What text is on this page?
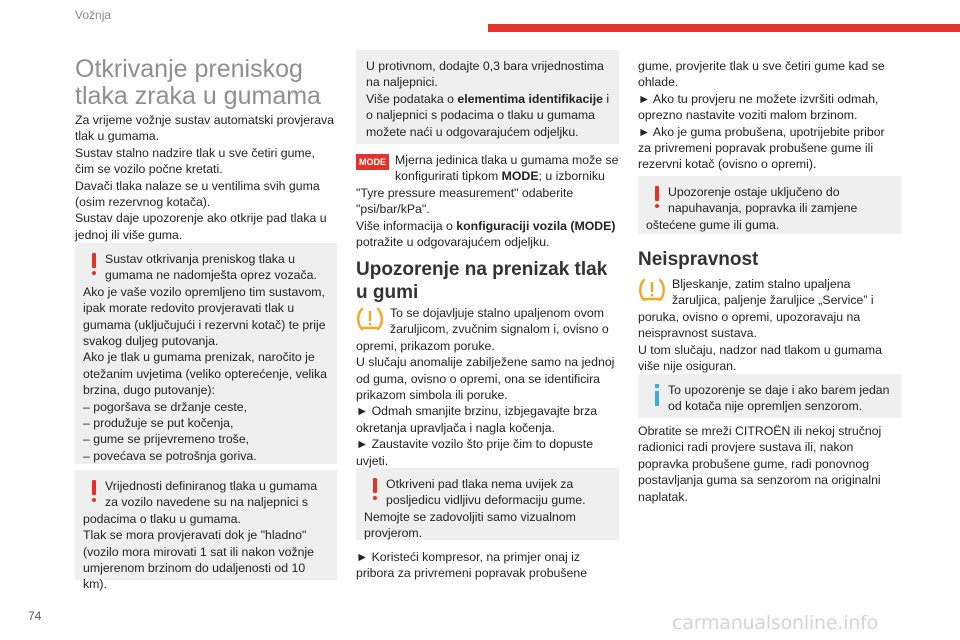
Vožnja
Otkrivanje preniskog tlaka zraka u gumama

Za vrijeme vožnje sustav automatski provjerava tlak u gumama.

Sustav stalno nadzire tlak u sve četiri gume, čim se vozilo počne kretati.

Davači tlaka nalaze se u ventilima svih guma (osim rezervnog kotača).

Sustav daje upozorenje ako otkrije pad tlaka u jednoj ili više guma.

Sustav otkrivanja preniskog tlaka u gumama ne nadomješta oprez vozača.

Ako je vaše vozilo opremljeno tim sustavom, ipak morate redovito provjeravati tlak u gumama (uključujući i rezervni kotač) te prije svakog duljeg putovanja.

Ako je tlak u gumama prenizak, naročito je otežanim uvjetima (veliko opterećenje, velika brzina, dugo putovanje):

– pogoršava se držanje ceste,

– produžuje se put kočenja,

– gume se prijevremeno troše,

– povećava se potrošnja goriva.

Vrijednosti definiranog tlaka u gumama za vozilo navedene su na naljepnici s podacima o tlaku u gumama.

Tlak se mora provjeravati dok je "hladno" (vozilo mora mirovati 1 sat ili nakon vožnje umjerenom brzinom do udaljenosti od 10 km).

U protivnom, dodajte 0,3 bara vrijednostima na naljepnici.

Više podataka o elementima identifikacije i o naljepnici s podacima o tlaku u gumama možete naći u odgovarajućem odjeljku.

MODE Mjerna jedinica tlaka u gumama može se konfigurirati tipkom MODE; u izborniku "Tyre pressure measurement" odaberite "psi/bar/kPa".

Više informacija o konfiguraciji vozila (MODE) potražite u odgovarajućem odjeljku.

Upozorenje na prenizak tlak u gumi

To se dojavljuje stalno upaljenom ovom žaruljicom, zvučnim signalom i, ovisno o opremi, prikazom poruke.

U slučaju anomalije zabilježene samo na jednoj od guma, ovisno o opremi, ona se identificira prikazom simbola ili poruke.

► Odmah smanjite brzinu, izbjegavajte brza okretanja upravljača i nagla kočenja.

► Zaustavite vozilo što prije čim to dopuste uvjeti.

Otkriveni pad tlaka nema uvijek za posljedicu vidljivu deformaciju gume.

Nemojte se zadovoljiti samo vizualnom provjerom.

► Koristeći kompresor, na primjer onaj iz pribora za privremeni popravak probušene

gume, provjerite tlak u sve četiri gume kad se ohlade.

► Ako tu provjeru ne možete izvršiti odmah, oprezno nastavite voziti malom brzinom.

► Ako je guma probušena, upotrijebite pribor za privremeni popravak probušene gume ili rezervni kotač (ovisno o opremi).

Upozorenje ostaje uključeno do napuhavanja, popravka ili zamjene oštećene gume ili guma.

Neispravnost

Bljeskanje, zatim stalno upaljena žaruljica, paljenje žaruljice „Service” i poruka, ovisno o opremi, upozoravaju na neispravnost sustava.

U tom slučaju, nadzor nad tlakom u gumama više nije osiguran.

To upozorenje se daje i ako barem jedan od kotača nije opremljen senzorom.

Obratite se mreži CITROËN ili nekoj stručnoj radionici radi provjere sustava ili, nakon popravka probušene gume, radi ponovnog postavljanja guma sa senzorom na originalni naplatak.

74	carmanualsonline.info
